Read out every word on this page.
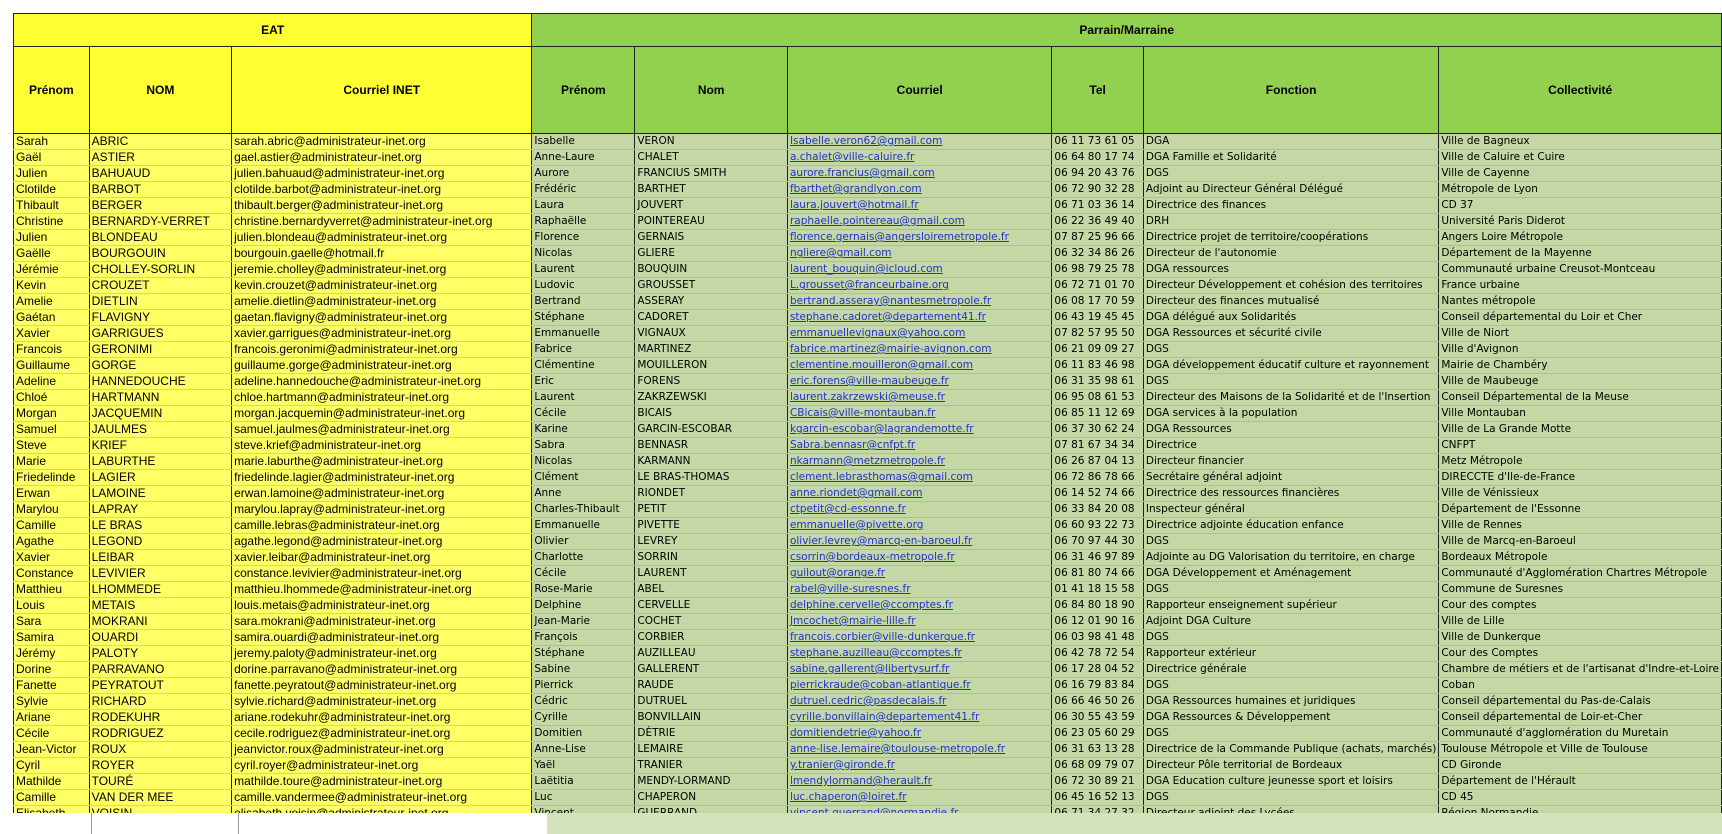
EAT			Parrain/Marraine					
Prénom	NOM	Courriel INET	Prénom	Nom	Courriel	Tel	Fonction	Collectivité
Sarah	ABRIC	sarah.abric@administrateur-inet.org	Isabelle	VERON	Isabelle.veron62@gmail.com	06 11 73 61 05	DGA	Ville de Bagneux
Gaël	ASTIER	gael.astier@administrateur-inet.org	Anne-Laure	CHALET	a.chalet@ville-caluire.fr	06 64 80 17 74	DGA Famille et Solidarité	Ville de Caluire et Cuire
Julien	BAHUAUD	julien.bahuaud@administrateur-inet.org	Aurore	FRANCIUS SMITH	aurore.francius@gmail.com	06 94 20 43 76	DGS	Ville de Cayenne
Clotilde	BARBOT	clotilde.barbot@administrateur-inet.org	Frédéric	BARTHET	fbarthet@grandlyon.com	06 72 90 32 28	Adjoint au Directeur Général Délégué	Métropole de Lyon
Thibault	BERGER	thibault.berger@administrateur-inet.org	Laura	JOUVERT	laura.jouvert@hotmail.fr	06 71 03 36 14	Directrice des finances	CD 37
Christine	BERNARDY-VERRET	christine.bernardyverret@administrateur-inet.org	Raphaëlle	POINTEREAU	raphaelle.pointereau@gmail.com	06 22 36 49 40	DRH	Université Paris Diderot
Julien	BLONDEAU	julien.blondeau@administrateur-inet.org	Florence	GERNAIS	florence.gernais@angersloiremetropole.fr	07 87 25 96 66	Directrice projet de territoire/coopérations	Angers Loire Métropole
Gaëlle	BOURGOUIN	bourgouin.gaelle@hotmail.fr	Nicolas	GLIERE	ngliere@gmail.com	06 32 34 86 26	Directeur de l'autonomie	Département de la Mayenne
Jérémie	CHOLLEY-SORLIN	jeremie.cholley@administrateur-inet.org	Laurent	BOUQUIN	laurent_bouquin@icloud.com	06 98 79 25 78	DGA ressources	Communauté urbaine Creusot-Montceau
Kevin	CROUZET	kevin.crouzet@administrateur-inet.org	Ludovic	GROUSSET	L.grousset@franceurbaine.org	06 72 71 01 70	Directeur Développement et cohésion des territoires	France urbaine
Amelie	DIETLIN	amelie.dietlin@administrateur-inet.org	Bertrand	ASSERAY	bertrand.asseray@nantesmetropole.fr	06 08 17 70 59	Directeur des finances mutualisé	Nantes métropole
Gaétan	FLAVIGNY	gaetan.flavigny@administrateur-inet.org	Stéphane	CADORET	stephane.cadoret@departement41.fr	06 43 19 45 45	DGA délégué aux Solidarités	Conseil départemental du Loir et Cher
Xavier	GARRIGUES	xavier.garrigues@administrateur-inet.org	Emmanuelle	VIGNAUX	emmanuellevignaux@yahoo.com	07 82 57 95 50	DGA Ressources et sécurité civile	Ville de Niort
Francois	GERONIMI	francois.geronimi@administrateur-inet.org	Fabrice	MARTINEZ	fabrice.martinez@mairie-avignon.com	06 21 09 09 27	DGS	Ville d'Avignon
Guillaume	GORGE	guillaume.gorge@administrateur-inet.org	Clémentine	MOUILLERON	clementine.mouilleron@gmail.com	06 11 83 46 98	DGA développement éducatif culture et rayonnement	Mairie de Chambéry
Adeline	HANNEDOUCHE	adeline.hannedouche@administrateur-inet.org	Eric	FORENS	eric.forens@ville-maubeuge.fr	06 31 35 98 61	DGS	Ville de Maubeuge
Chloé	HARTMANN	chloe.hartmann@administrateur-inet.org	Laurent	ZAKRZEWSKI	laurent.zakrzewski@meuse.fr	06 95 08 61 53	Directeur des Maisons de la Solidarité et de l'Insertion	Conseil Départemental de la Meuse
Morgan	JACQUEMIN	morgan.jacquemin@administrateur-inet.org	Cécile	BICAIS	CBicais@ville-montauban.fr	06 85 11 12 69	DGA services à la population	Ville Montauban
Samuel	JAULMES	samuel.jaulmes@administrateur-inet.org	Karine	GARCIN-ESCOBAR	kgarcin-escobar@lagrandemotte.fr	06 37 30 62 24	DGA Ressources	Ville de La Grande Motte
Steve	KRIEF	steve.krief@administrateur-inet.org	Sabra	BENNASR	Sabra.bennasr@cnfpt.fr	07 81 67 34 34	Directrice	CNFPT
Marie	LABURTHE	marie.laburthe@administrateur-inet.org	Nicolas	KARMANN	nkarmann@metzmetropole.fr	06 26 87 04 13	Directeur financier	Metz Métropole
Friedelinde	LAGIER	friedelinde.lagier@administrateur-inet.org	Clément	LE BRAS-THOMAS	clement.lebrasthomas@gmail.com	06 72 86 78 66	Secrétaire général adjoint	DIRECCTE d'Ile-de-France
Erwan	LAMOINE	erwan.lamoine@administrateur-inet.org	Anne	RIONDET	anne.riondet@gmail.com	06 14 52 74 66	Directrice des ressources financières	Ville de Vénissieux
Marylou	LAPRAY	marylou.lapray@administrateur-inet.org	Charles-Thibault	PETIT	ctpetit@cd-essonne.fr	06 33 84 20 08	Inspecteur général	Département de l'Essonne
Camille	LE BRAS	camille.lebras@administrateur-inet.org	Emmanuelle	PIVETTE	emmanuelle@pivette.org	06 60 93 22 73	Directrice adjointe éducation enfance	Ville de Rennes
Agathe	LEGOND	agathe.legond@administrateur-inet.org	Olivier	LEVREY	olivier.levrey@marcq-en-baroeul.fr	06 70 97 44 30	DGS	Ville de Marcq-en-Baroeul
Xavier	LEIBAR	xavier.leibar@administrateur-inet.org	Charlotte	SORRIN	csorrin@bordeaux-metropole.fr	06 31 46 97 89	Adjointe au DG Valorisation du territoire, en charge	Bordeaux Métropole
Constance	LEVIVIER	constance.levivier@administrateur-inet.org	Cécile	LAURENT	guilout@orange.fr	06 81 80 74 66	DGA Développement et Aménagement	Communauté d'Agglomération Chartres Métropole
Matthieu	LHOMMEDE	matthieu.lhommede@administrateur-inet.org	Rose-Marie	ABEL	rabel@ville-suresnes.fr	01 41 18 15 58	DGS	Commune de Suresnes
Louis	METAIS	louis.metais@administrateur-inet.org	Delphine	CERVELLE	delphine.cervelle@ccomptes.fr	06 84 80 18 90	Rapporteur enseignement supérieur	Cour des comptes
Sara	MOKRANI	sara.mokrani@administrateur-inet.org	Jean-Marie	COCHET	Jmcochet@mairie-lille.fr	06 12 01 90 16	Adjoint DGA Culture	Ville de Lille
Samira	OUARDI	samira.ouardi@administrateur-inet.org	François	CORBIER	francois.corbier@ville-dunkerque.fr	06 03 98 41 48	DGS	Ville de Dunkerque
Jérémy	PALOTY	jeremy.paloty@administrateur-inet.org	Stéphane	AUZILLEAU	stephane.auzilleau@ccomptes.fr	06 42 78 72 54	Rapporteur extérieur	Cour des Comptes
Dorine	PARRAVANO	dorine.parravano@administrateur-inet.org	Sabine	GALLERENT	sabine.gallerent@libertysurf.fr	06 17 28 04 52	Directrice générale	Chambre de métiers et de l'artisanat d'Indre-et-Loire
Fanette	PEYRATOUT	fanette.peyratout@administrateur-inet.org	Pierrick	RAUDE	pierrickraude@coban-atlantique.fr	06 16 79 83 84	DGS	Coban
Sylvie	RICHARD	sylvie.richard@administrateur-inet.org	Cédric	DUTRUEL	dutruel.cedric@pasdecalais.fr	06 66 46 50 26	DGA Ressources humaines et juridiques	Conseil départemental du Pas-de-Calais
Ariane	RODEKUHR	ariane.rodekuhr@administrateur-inet.org	Cyrille	BONVILLAIN	cyrille.bonvillain@departement41.fr	06 30 55 43 59	DGA Ressources & Développement	Conseil départemental de Loir-et-Cher
Cécile	RODRIGUEZ	cecile.rodriguez@administrateur-inet.org	Domitien	DÈTRIE	domitiendetrie@yahoo.fr	06 23 05 60 29	DGS	Communauté d'agglomération du Muretain
Jean-Victor	ROUX	jeanvictor.roux@administrateur-inet.org	Anne-Lise	LEMAIRE	anne-lise.lemaire@toulouse-metropole.fr	06 31 63 13 28	Directrice de la Commande Publique (achats, marchés)	Toulouse Métropole et Ville de Toulouse
Cyril	ROYER	cyril.royer@administrateur-inet.org	Yaël	TRANIER	y.tranier@gironde.fr	06 68 09 79 07	Directeur Pôle territorial de Bordeaux	CD Gironde
Mathilde	TOURÉ	mathilde.toure@administrateur-inet.org	Laëtitia	MENDY-LORMAND	lmendylormand@herault.fr	06 72 30 89 21	DGA Education culture jeunesse sport et loisirs	Département de l'Hérault
Camille	VAN DER MEE	camille.vandermee@administrateur-inet.org	Luc	CHAPERON	luc.chaperon@loiret.fr	06 45 16 52 13	DGS	CD 45
